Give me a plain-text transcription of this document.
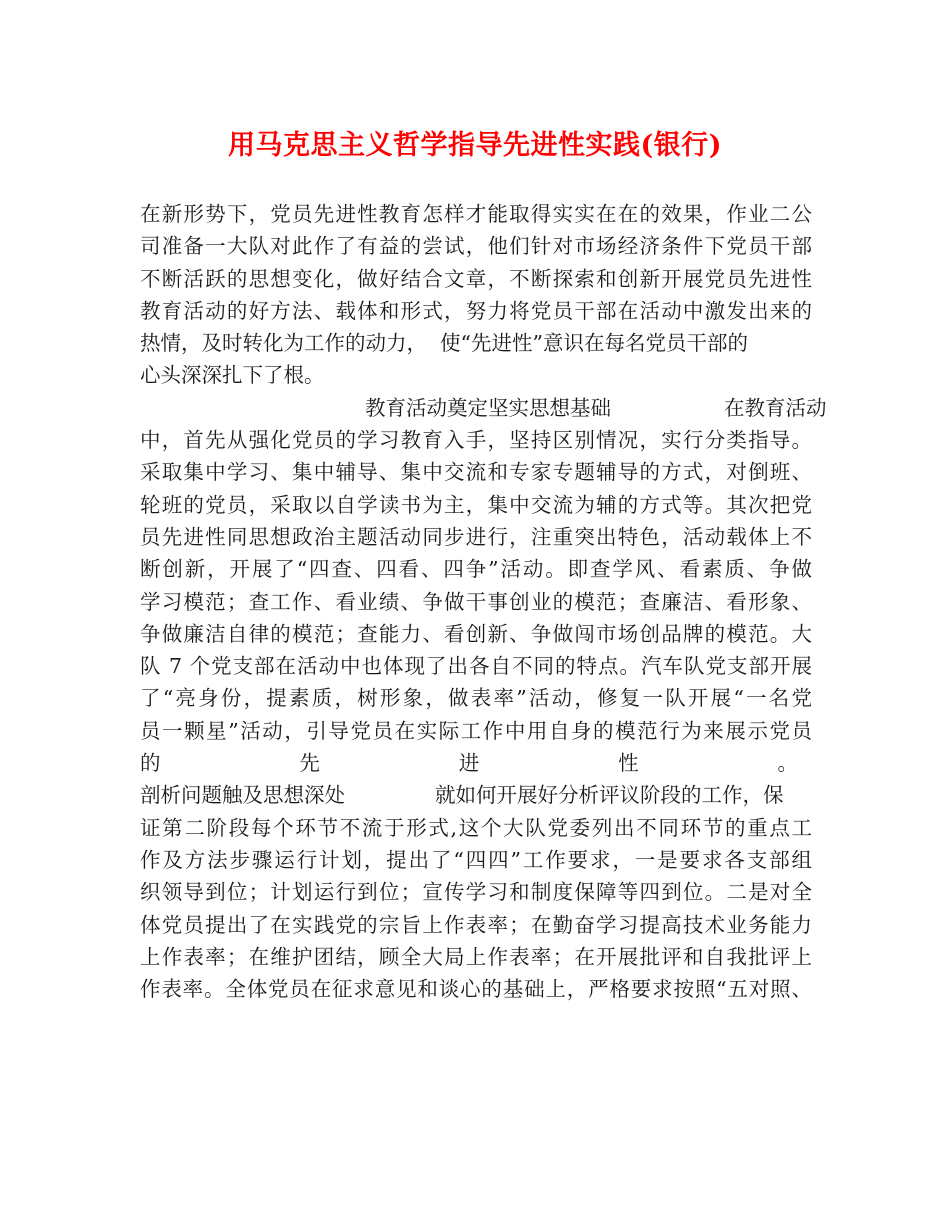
用马克思主义哲学指导先进性实践(银行)
在新形势下，党员先进性教育怎样才能取得实实在在的效果，作业二公
司准备一大队对此作了有益的尝试，他们针对市场经济条件下党员干部
不断活跃的思想变化，做好结合文章，不断探索和创新开展党员先进性
教育活动的好方法、载体和形式，努力将党员干部在活动中激发出来的
热情，及时转化为工作的动力，  使“先进性”意识在每名党员干部的
心头深深扎下了根。
教育活动奠定坚实思想基础	在教育活动
中，首先从强化党员的学习教育入手，坚持区别情况，实行分类指导。
采取集中学习、集中辅导、集中交流和专家专题辅导的方式，对倒班、
轮班的党员，采取以自学读书为主，集中交流为辅的方式等。其次把党
员先进性同思想政治主题活动同步进行，注重突出特色，活动载体上不
断创新，开展了“四查、四看、四争”活动。即查学风、看素质、争做
学习模范；查工作、看业绩、争做干事创业的模范；查廉洁、看形象、
争做廉洁自律的模范；查能力、看创新、争做闯市场创品牌的模范。大
队 7 个党支部在活动中也体现了出各自不同的特点。汽车队党支部开展
了“亮身份，提素质，树形象，做表率”活动，修复一队开展“一名党
员一颗星”活动，引导党员在实际工作中用自身的模范行为来展示党员
的	先	进	性	。
剖析问题触及思想深处	就如何开展好分析评议阶段的工作，保
证第二阶段每个环节不流于形式,这个大队党委列出不同环节的重点工
作及方法步骤运行计划，提出了“四四”工作要求，一是要求各支部组
织领导到位；计划运行到位；宣传学习和制度保障等四到位。二是对全
体党员提出了在实践党的宗旨上作表率；在勤奋学习提高技术业务能力
上作表率；在维护团结，顾全大局上作表率；在开展批评和自我批评上
作表率。全体党员在征求意见和谈心的基础上，严格要求按照“五对照、
